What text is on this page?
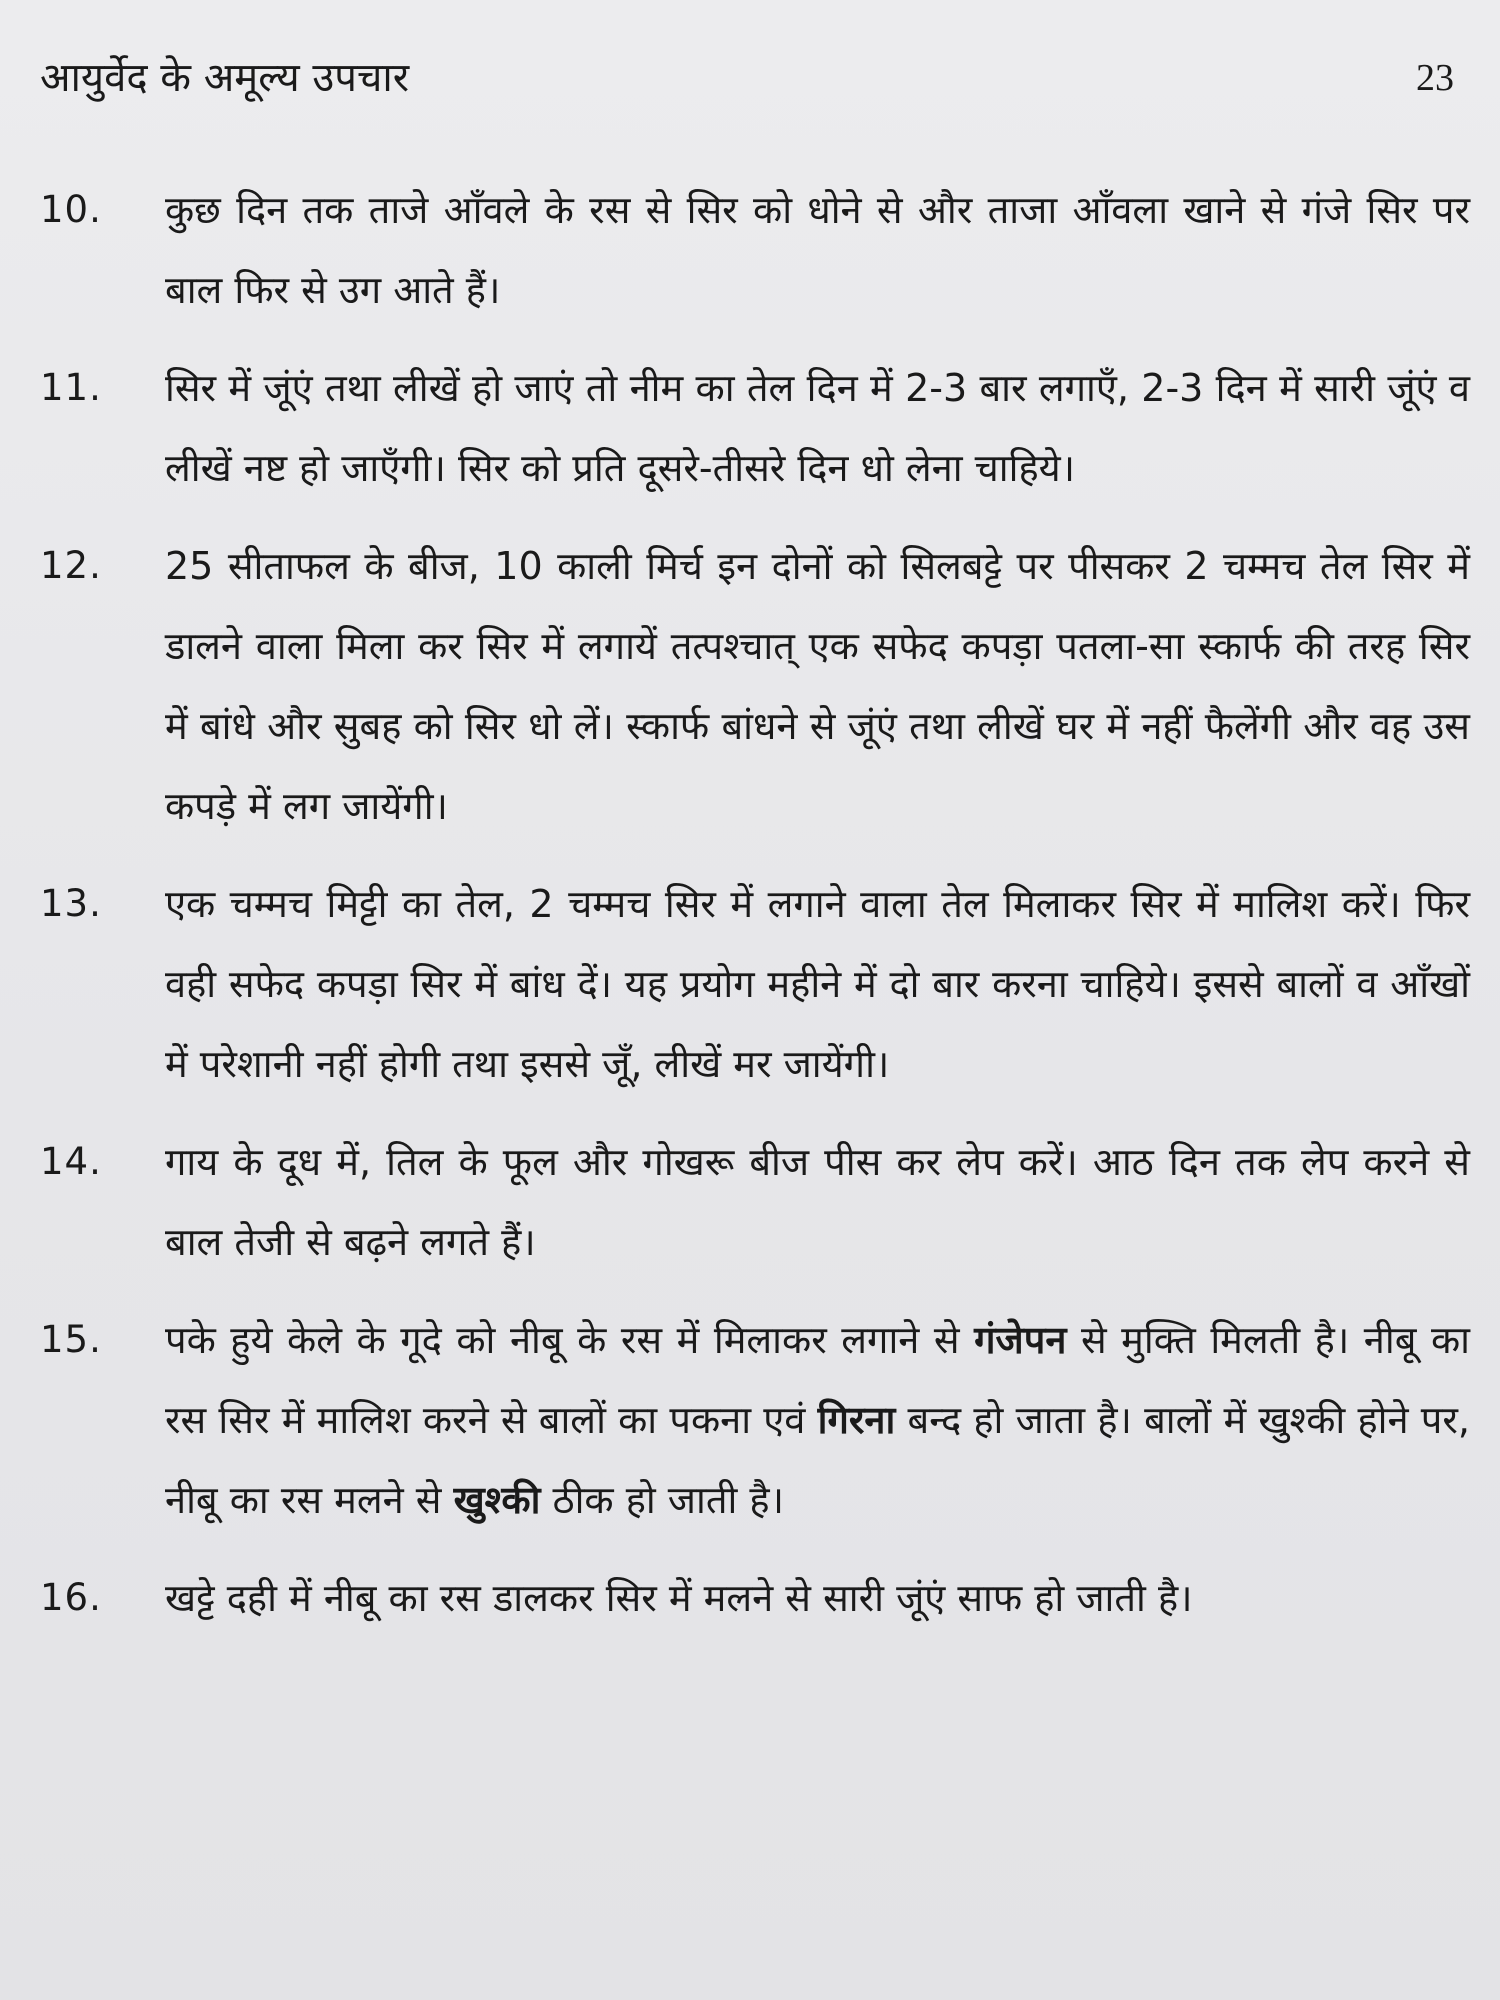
आयुर्वेद के अमूल्य उपचार	23
10.	कुछ दिन तक ताजे आँवले के रस से सिर को धोने से और ताजा आँवला खाने से गंजे सिर पर बाल फिर से उग आते हैं।
11.	सिर में जूंएं तथा लीखें हो जाएं तो नीम का तेल दिन में 2-3 बार लगाएँ, 2-3 दिन में सारी जूंएं व लीखें नष्ट हो जाएँगी। सिर को प्रति दूसरे-तीसरे दिन धो लेना चाहिये।
12.	25 सीताफल के बीज, 10 काली मिर्च इन दोनों को सिलबट्टे पर पीसकर 2 चम्मच तेल सिर में डालने वाला मिला कर सिर में लगायें तत्पश्चात् एक सफेद कपड़ा पतला-सा स्कार्फ की तरह सिर में बांधे और सुबह को सिर धो लें। स्कार्फ बांधने से जूंएं तथा लीखें घर में नहीं फैलेंगी और वह उस कपड़े में लग जायेंगी।
13.	एक चम्मच मिट्टी का तेल, 2 चम्मच सिर में लगाने वाला तेल मिलाकर सिर में मालिश करें। फिर वही सफेद कपड़ा सिर में बांध दें। यह प्रयोग महीने में दो बार करना चाहिये। इससे बालों व आँखों में परेशानी नहीं होगी तथा इससे जूँ, लीखें मर जायेंगी।
14.	गाय के दूध में, तिल के फूल और गोखरू बीज पीस कर लेप करें। आठ दिन तक लेप करने से बाल तेजी से बढ़ने लगते हैं।
15.	पके हुये केले के गूदे को नीबू के रस में मिलाकर लगाने से गंजेपन से मुक्ति मिलती है। नीबू का रस सिर में मालिश करने से बालों का पकना एवं गिरना बन्द हो जाता है। बालों में खुश्की होने पर, नीबू का रस मलने से खुश्की ठीक हो जाती है।
16.	खट्टे दही में नीबू का रस डालकर सिर में मलने से सारी जूंएं साफ हो जाती है।
